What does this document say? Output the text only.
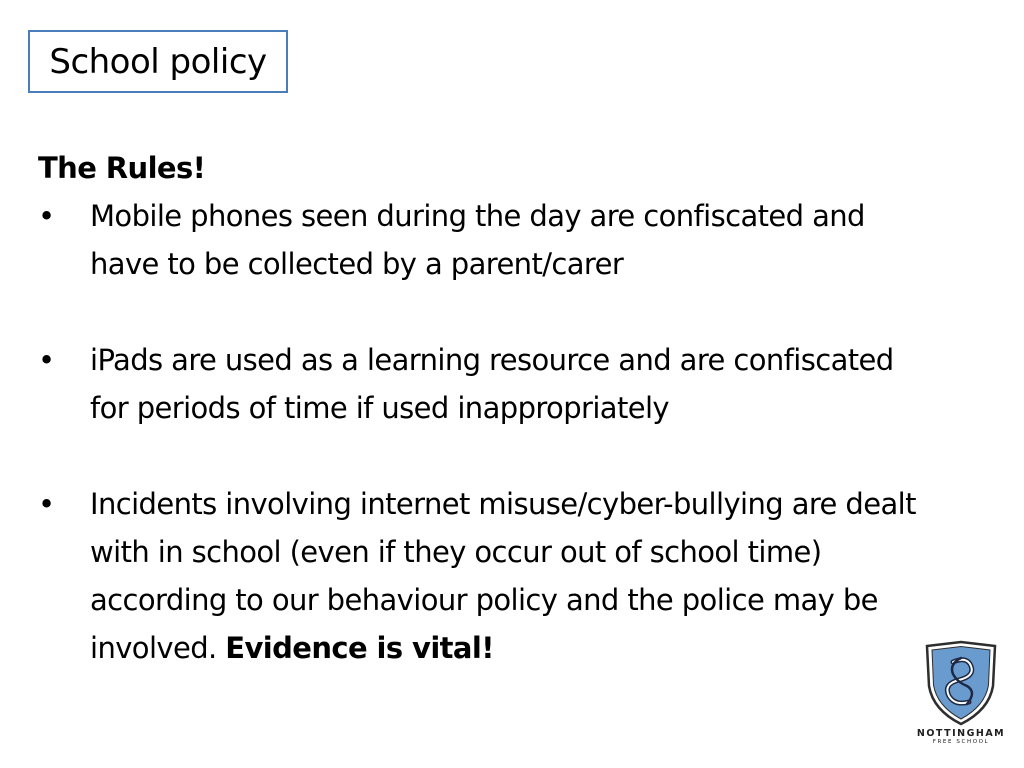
School policy

The Rules!

• Mobile phones seen during the day are confiscated and have to be collected by a parent/carer
• iPads are used as a learning resource and are confiscated for periods of time if used inappropriately
• Incidents involving internet misuse/cyber-bullying are dealt with in school (even if they occur out of school time) according to our behaviour policy and the police may be involved. Evidence is vital!
NOTTINGHAM
FREE SCHOOL
